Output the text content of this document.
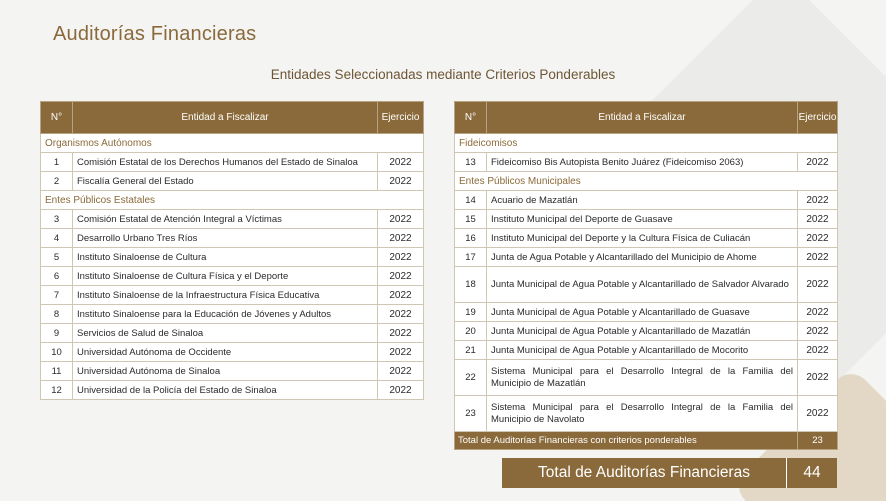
Auditorías Financieras
Entidades Seleccionadas mediante Criterios Ponderables
N°	Entidad a Fiscalizar	Ejercicio
Organismos Autónomos		
1	Comisión Estatal de los Derechos Humanos del Estado de Sinaloa	2022
2	Fiscalía General del Estado	2022
Entes Públicos Estatales		
3	Comisión Estatal de Atención Integral a Víctimas	2022
4	Desarrollo Urbano Tres Ríos	2022
5	Instituto Sinaloense de Cultura	2022
6	Instituto Sinaloense de Cultura Física y el Deporte	2022
7	Instituto Sinaloense de la Infraestructura Física Educativa	2022
8	Instituto Sinaloense para la Educación de Jóvenes y Adultos	2022
9	Servicios de Salud de Sinaloa	2022
10	Universidad Autónoma de Occidente	2022
11	Universidad Autónoma de Sinaloa	2022
12	Universidad de la Policía del Estado de Sinaloa	2022
N°	Entidad a Fiscalizar	Ejercicio
Fideicomisos		
13	Fideicomiso Bis Autopista Benito Juárez (Fideicomiso 2063)	2022
Entes Públicos Municipales		
14	Acuario de Mazatlán	2022
15	Instituto Municipal del Deporte de Guasave	2022
16	Instituto Municipal del Deporte y la Cultura Física de Culiacán	2022
17	Junta de Agua Potable y Alcantarillado del Municipio de Ahome	2022
18	Junta Municipal de Agua Potable y Alcantarillado de Salvador Alvarado	2022
19	Junta Municipal de Agua Potable y Alcantarillado de Guasave	2022
20	Junta Municipal de Agua Potable y Alcantarillado de Mazatlán	2022
21	Junta Municipal de Agua Potable y Alcantarillado de Mocorito	2022
22	Sistema Municipal para el Desarrollo Integral de la Familia del Municipio de Mazatlán	2022
23	Sistema Municipal para el Desarrollo Integral de la Familia del Municipio de Navolato	2022
Total de Auditorías Financieras con criterios ponderables		23
Total de Auditorías Financieras	44
